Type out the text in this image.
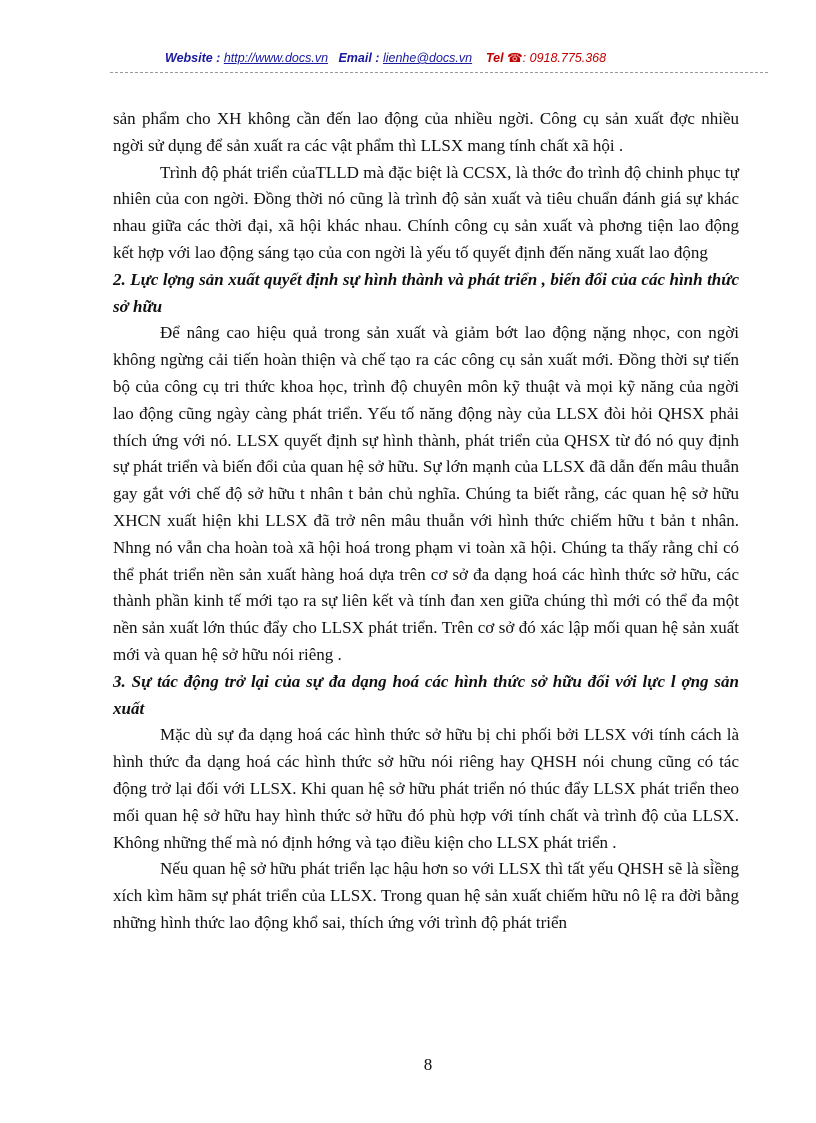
Website : http://www.docs.vn Email : lienhe@docs.vn Tel ☎: 0918.775.368

sản phẩm cho XH không cần đến lao động của nhiều ngời. Công cụ sản xuất đợc nhiều ngời sử dụng để sản xuất ra các vật phẩm thì LLSX mang tính chất xã hội .

Trình độ phát triển củaTLLD mà đặc biệt là CCSX, là thớc đo trình độ chinh phục tự nhiên của con ngời. Đồng thời nó cũng là trình độ sản xuất và tiêu chuẩn đánh giá sự khác nhau giữa các thời đại, xã hội khác nhau. Chính công cụ sản xuất và phơng tiện lao động kết hợp với lao động sáng tạo của con ngời là yếu tố quyết định đến năng xuất lao động

2. Lực lợng sản xuất quyết định sự hình thành và phát triển , biến đổi của các hình thức sở hữu

Để nâng cao hiệu quả trong sản xuất và giảm bớt lao động nặng nhọc, con ngời không ngừng cải tiến hoàn thiện và chế tạo ra các công cụ sản xuất mới. Đồng thời sự tiến bộ của công cụ tri thức khoa học, trình độ chuyên môn kỹ thuật và mọi kỹ năng của ngời lao động cũng ngày càng phát triển. Yếu tố năng động này của LLSX đòi hỏi QHSX phải thích ứng với nó. LLSX quyết định sự hình thành, phát triển của QHSX từ đó nó quy định sự phát triển và biến đổi của quan hệ sở hữu. Sự lớn mạnh của LLSX đã dẫn đến mâu thuẫn gay gắt với chế độ sở hữu t nhân t bản chủ nghĩa. Chúng ta biết rằng, các quan hệ sở hữu XHCN xuất hiện khi LLSX đã trở nên mâu thuẫn với hình thức chiếm hữu t bản t nhân. Nhng nó vẫn cha hoàn toà xã hội hoá trong phạm vi toàn xã hội. Chúng ta thấy rằng chỉ có thể phát triển nền sản xuất hàng hoá dựa trên cơ sở đa dạng hoá các hình thức sở hữu, các thành phần kinh tế mới tạo ra sự liên kết và tính đan xen giữa chúng thì mới có thể đa một nền sản xuất lớn thúc đẩy cho LLSX phát triển. Trên cơ sở đó xác lập mối quan hệ sản xuất mới và quan hệ sở hữu nói riêng .

3. Sự tác động trở lại của sự đa dạng hoá các hình thức sở hữu đối với lực l ợng sản xuất

Mặc dù sự đa dạng hoá các hình thức sở hữu bị chi phối bởi LLSX với tính cách là hình thức đa dạng hoá các hình thức sở hữu nói riêng hay QHSH nói chung cũng có tác động trở lại đối với LLSX. Khi quan hệ sở hữu phát triển nó thúc đẩy LLSX phát triển theo mối quan hệ sở hữu hay hình thức sở hữu đó phù hợp với tính chất và trình độ của LLSX. Không những thế mà nó định hớng và tạo điều kiện cho LLSX phát triển .

Nếu quan hệ sở hữu phát triển lạc hậu hơn so với LLSX thì tất yếu QHSH sẽ là sỉ̀ềng xích kìm hãm sự phát triển của LLSX. Trong quan hệ sản xuất chiếm hữu nô lệ ra đời bằng những hình thức lao động khổ sai, thích ứng với trình độ phát triển

8
